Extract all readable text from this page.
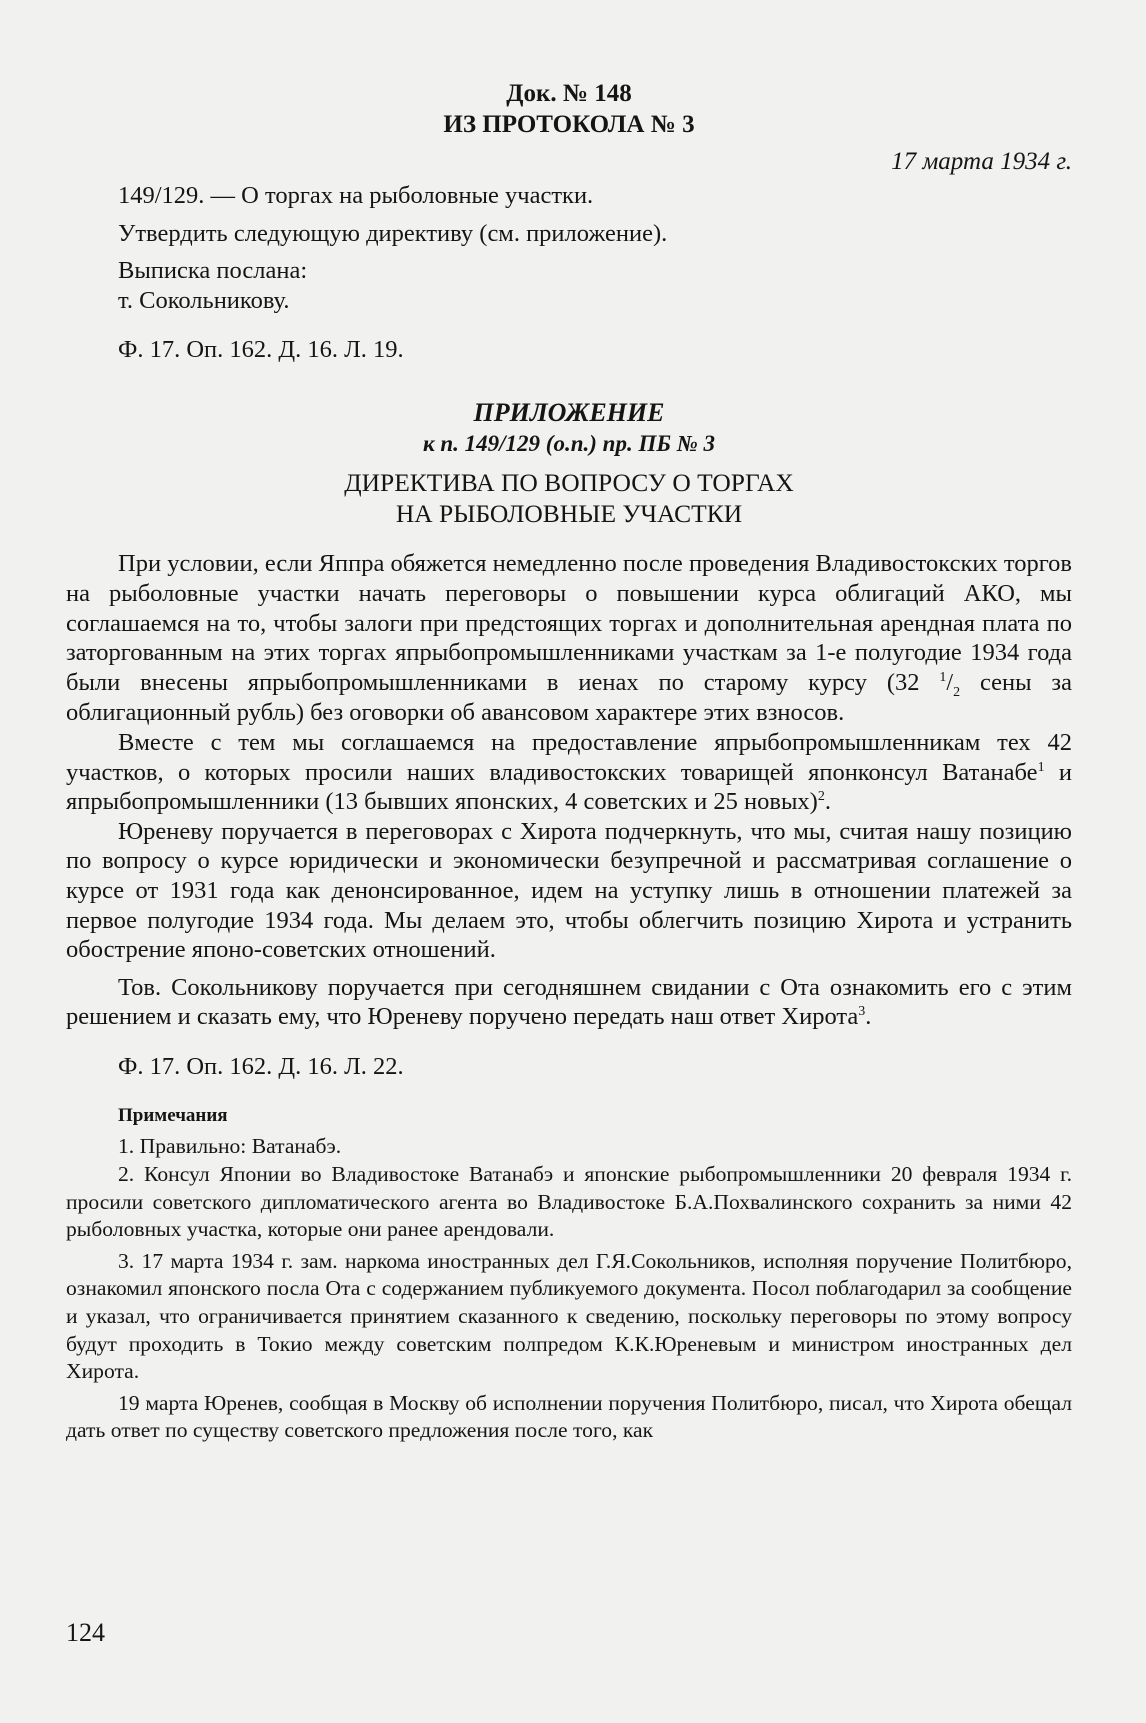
Док. № 148
ИЗ ПРОТОКОЛА № 3
17 марта 1934 г.

149/129. — О торгах на рыболовные участки.

Утвердить следующую директиву (см. приложение).

Выписка послана:

т. Сокольникову.

Ф. 17. Оп. 162. Д. 16. Л. 19.

ПРИЛОЖЕНИЕ
к п. 149/129 (о.п.) пр. ПБ № 3
ДИРЕКТИВА ПО ВОПРОСУ О ТОРГАХ
НА РЫБОЛОВНЫЕ УЧАСТКИ

При условии, если Яппра обяжется немедленно после проведения Владивостокских торгов на рыболовные участки начать переговоры о повышении курса облигаций АКО, мы соглашаемся на то, чтобы залоги при предстоящих торгах и дополнительная арендная плата по заторгованным на этих торгах япрыбопромышленниками участкам за 1-е полугодие 1934 года были внесены япрыбопромышленниками в иенах по старому курсу (32 $^1/_2$ сены за облигационный рубль) без оговорки об авансовом характере этих взносов.

Вместе с тем мы соглашаемся на предоставление япрыбопромышленникам тех 42 участков, о которых просили наших владивостокских товарищей японконсул Ватанабе$^1$ и япрыбопромышленники (13 бывших японских, 4 советских и 25 новых)$^2$.

Юреневу поручается в переговорах с Хирота подчеркнуть, что мы, считая нашу позицию по вопросу о курсе юридически и экономически безупречной и рассматривая соглашение о курсе от 1931 года как денонсированное, идем на уступку лишь в отношении платежей за первое полугодие 1934 года. Мы делаем это, чтобы облегчить позицию Хирота и устранить обострение японо-советских отношений.

Тов. Сокольникову поручается при сегодняшнем свидании с Ота ознакомить его с этим решением и сказать ему, что Юреневу поручено передать наш ответ Хирота$^3$.

Ф. 17. Оп. 162. Д. 16. Л. 22.

Примечания

1. Правильно: Ватанабэ.

2. Консул Японии во Владивостоке Ватанабэ и японские рыбопромышленники 20 февраля 1934 г. просили советского дипломатического агента во Владивостоке Б.А.Похвалинского сохранить за ними 42 рыболовных участка, которые они ранее арендовали.

3. 17 марта 1934 г. зам. наркома иностранных дел Г.Я.Сокольников, исполняя поручение Политбюро, ознакомил японского посла Ота с содержанием публикуемого документа. Посол поблагодарил за сообщение и указал, что ограничивается принятием сказанного к сведению, поскольку переговоры по этому вопросу будут проходить в Токио между советским полпредом К.К.Юреневым и министром иностранных дел Хирота.

19 марта Юренев, сообщая в Москву об исполнении поручения Политбюро, писал, что Хирота обещал дать ответ по существу советского предложения после того, как

124
